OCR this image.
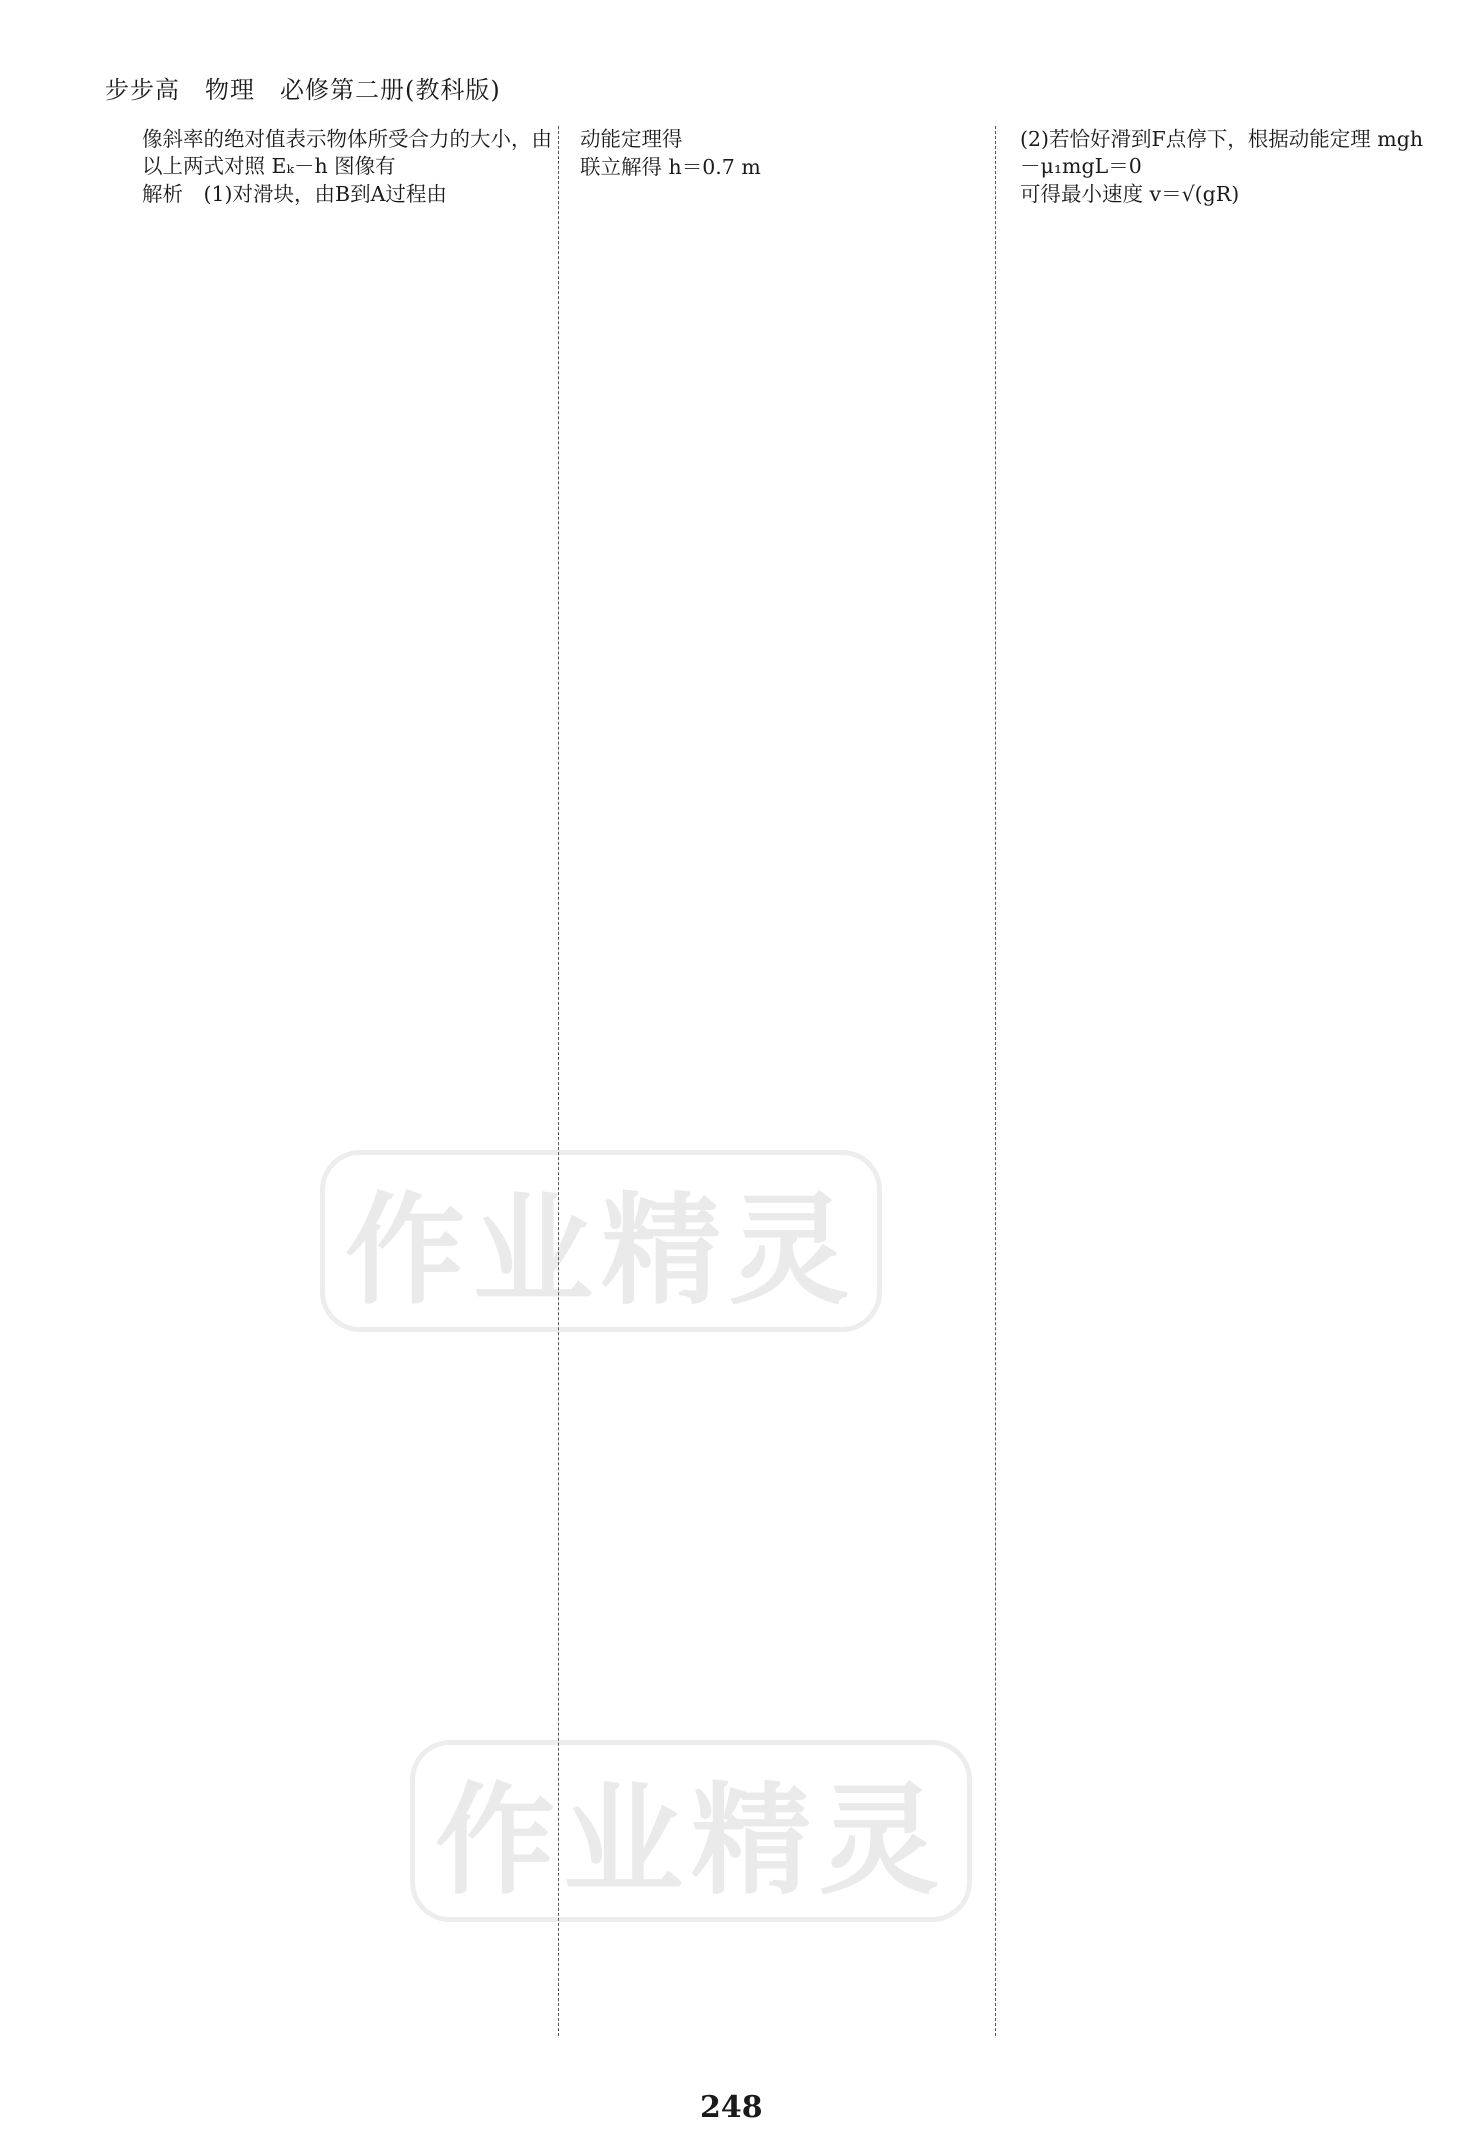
步步高　物理　必修第二册(教科版)
作业精灵
作业精灵

像斜率的绝对值表示物体所受合力的大小，由以上两式对照 Eₖ－h 图像有

解析　(1)对滑块，由B到A过程由

动能定理得

联立解得 h＝0.7 m

(2)若恰好滑到F点停下，根据动能定理 mgh－μ₁mgL＝0

可得最小速度 v＝√(gR)

248
